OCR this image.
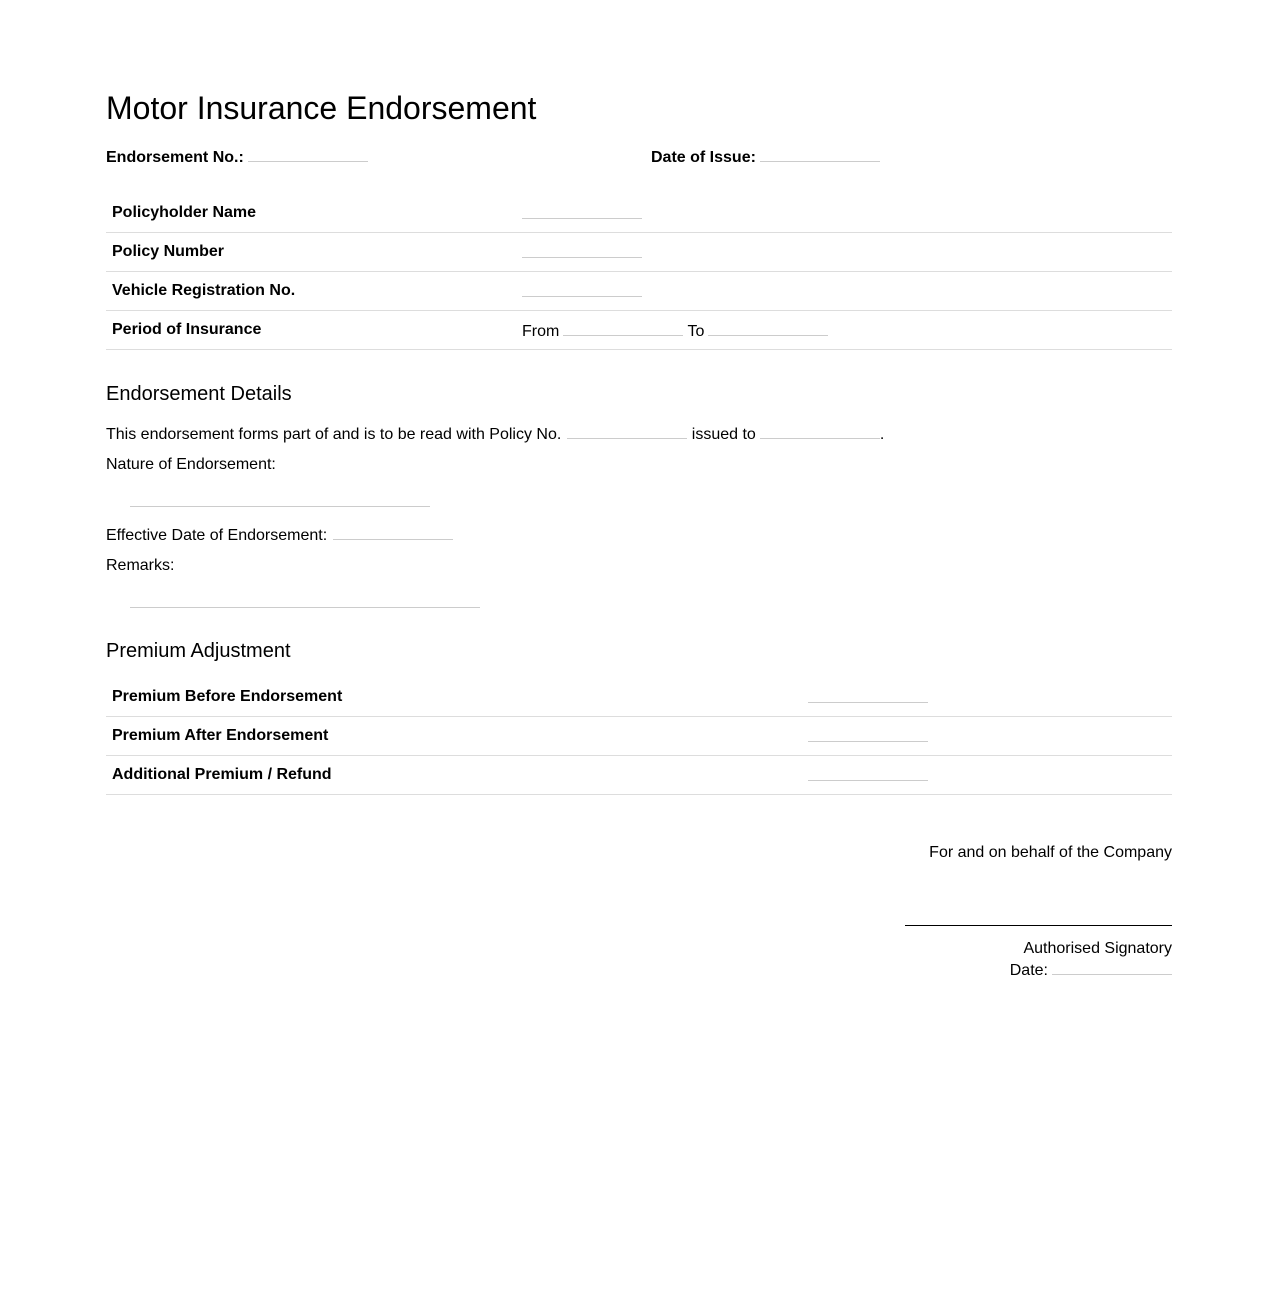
Motor Insurance Endorsement
Endorsement No.:	Date of Issue:
Policyholder Name	
Policy Number	
Vehicle Registration No.	
Period of Insurance	From To
Endorsement Details
This endorsement forms part of and is to be read with Policy No.	issued to	.
Nature of Endorsement:
Effective Date of Endorsement:
Remarks:
Premium Adjustment
Premium Before Endorsement	
Premium After Endorsement	
Additional Premium / Refund	
For and on behalf of the Company
Authorised Signatory
Date:
